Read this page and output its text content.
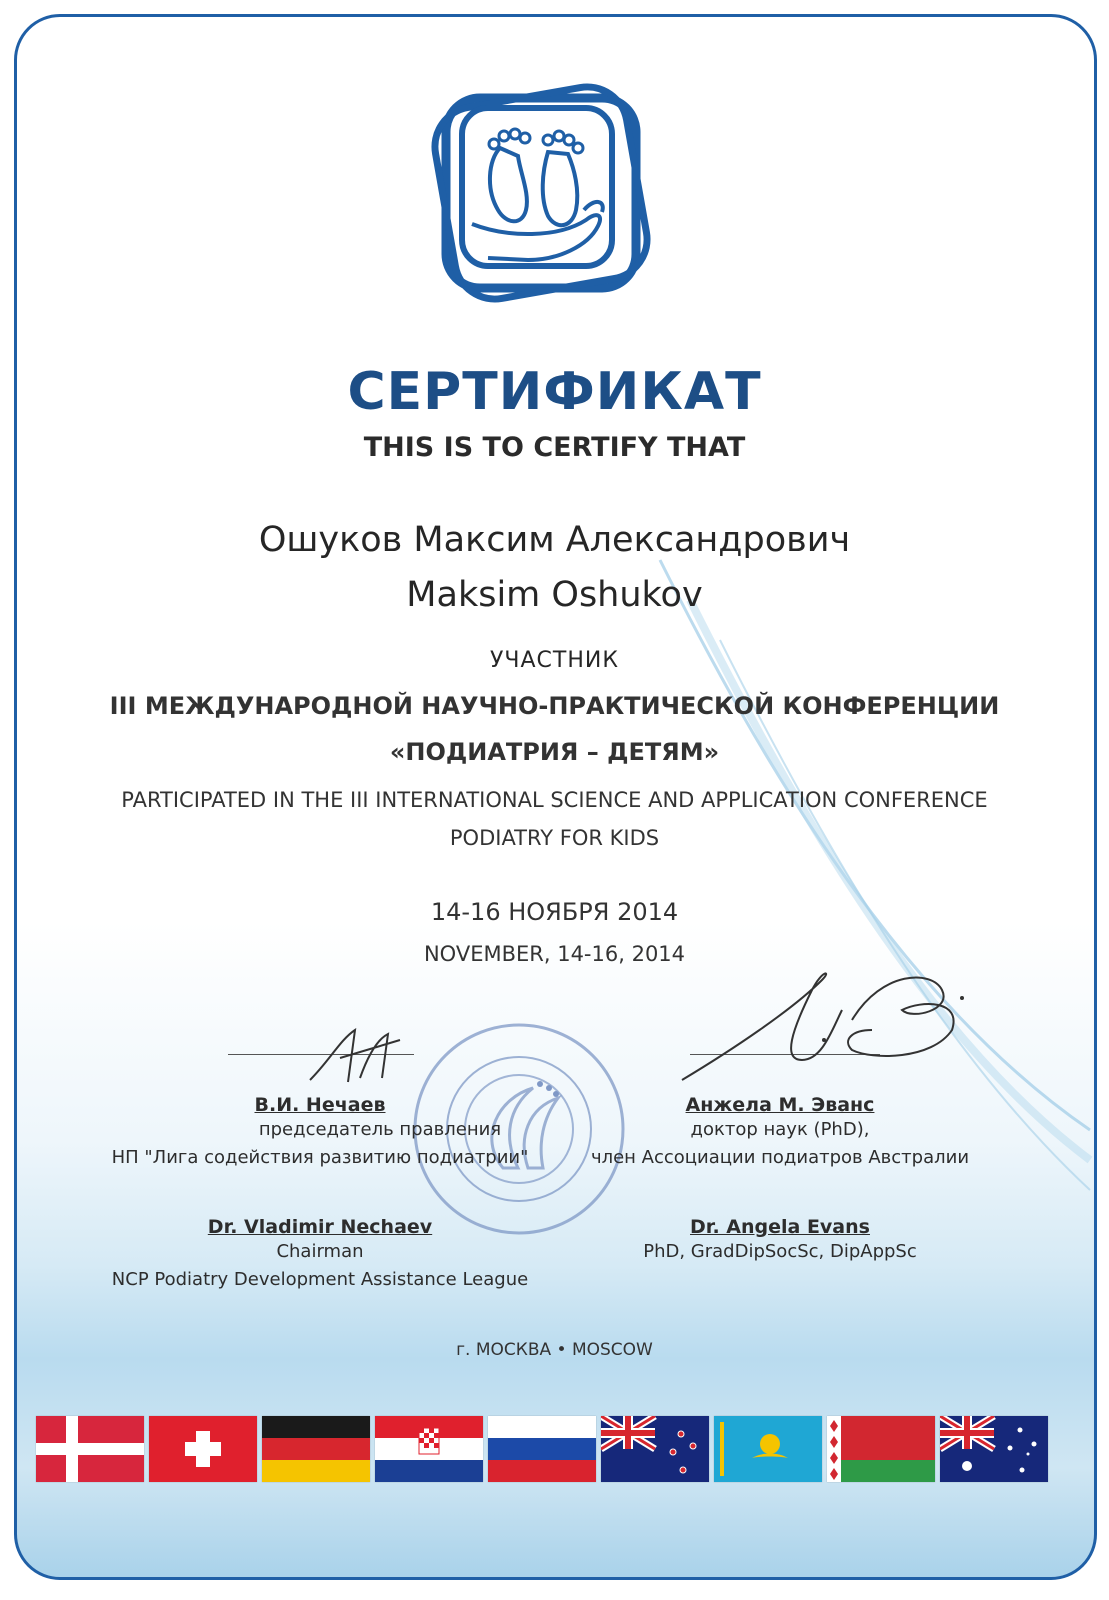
СЕРТИФИКАТ
THIS IS TO CERTIFY THAT
Ошуков Максим Александрович
Maksim Oshukov
УЧАСТНИК
III МЕЖДУНАРОДНОЙ НАУЧНО-ПРАКТИЧЕСКОЙ КОНФЕРЕНЦИИ
«ПОДИАТРИЯ – ДЕТЯМ»
PARTICIPATED IN THE III INTERNATIONAL SCIENCE AND APPLICATION CONFERENCE
PODIATRY FOR KIDS
14-16 НОЯБРЯ 2014
NOVEMBER, 14-16, 2014
В.И. Нечаев
председатель правления
НП "Лига содействия развитию подиатрии"
Dr. Vladimir Nechaev
Chairman
NCP Podiatry Development Assistance League
Анжела М. Эванс
доктор наук (PhD),
член Ассоциации подиатров Австралии
Dr. Angela Evans
PhD, GradDipSocSc, DipAppSc
г. МОСКВА • MOSCOW
